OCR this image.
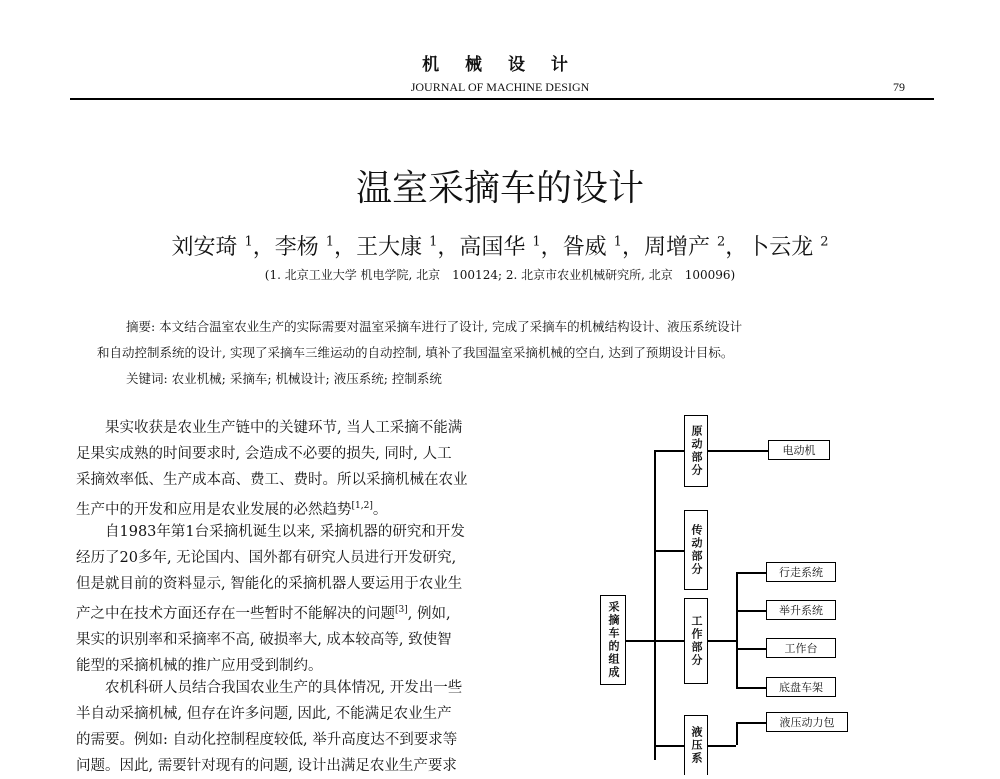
机 械 设 计
JOURNAL OF MACHINE DESIGN	79
温室采摘车的设计
刘安琦 $^1$，李杨 $^1$，王大康 $^1$，高国华 $^1$，昝威 $^1$，周增产 $^2$，卜云龙 $^2$
(1. 北京工业大学 机电学院, 北京　100124; 2. 北京市农业机械研究所, 北京　100096)
摘要: 本文结合温室农业生产的实际需要对温室采摘车进行了设计, 完成了采摘车的机械结构设计、液压系统设计
和自动控制系统的设计, 实现了采摘车三维运动的自动控制, 填补了我国温室采摘机械的空白, 达到了预期设计目标。
关键词: 农业机械; 采摘车; 机械设计; 液压系统; 控制系统

果实收获是农业生产链中的关键环节, 当人工采摘不能满

足果实成熟的时间要求时, 会造成不必要的损失, 同时, 人工

采摘效率低、生产成本高、费工、费时。所以采摘机械在农业

生产中的开发和应用是农业发展的必然趋势[1,2]。

自1983年第1台采摘机诞生以来, 采摘机器的研究和开发

经历了20多年, 无论国内、国外都有研究人员进行开发研究,

但是就目前的资料显示, 智能化的采摘机器人要运用于农业生

产之中在技术方面还存在一些暂时不能解决的问题[3], 例如,

果实的识别率和采摘率不高, 破损率大, 成本较高等, 致使智

能型的采摘机械的推广应用受到制约。

农机科研人员结合我国农业生产的具体情况, 开发出一些

半自动采摘机械, 但存在许多问题, 因此, 不能满足农业生产

的需要。例如: 自动化控制程度较低, 举升高度达不到要求等

问题。因此, 需要针对现有的问题, 设计出满足农业生产要求

采摘车的组成
原动部分
传动部分
工作部分
液压系
电动机
行走系统
举升系统
工作台
底盘车架
液压动力包
